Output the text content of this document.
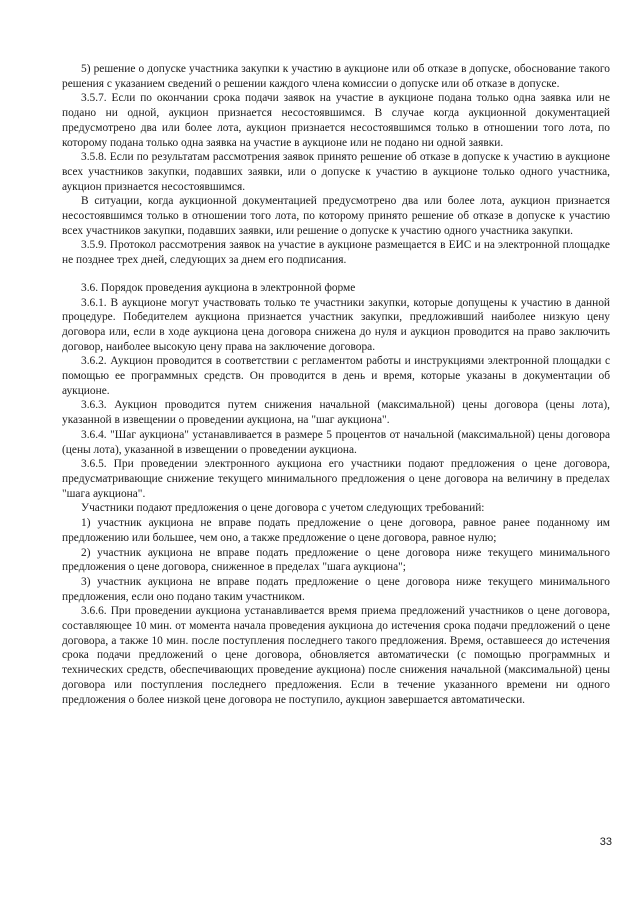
5) решение о допуске участника закупки к участию в аукционе или об отказе в допуске, обоснование такого решения с указанием сведений о решении каждого члена комиссии о допуске или об отказе в допуске.

3.5.7. Если по окончании срока подачи заявок на участие в аукционе подана только одна заявка или не подано ни одной, аукцион признается несостоявшимся. В случае когда аукционной документацией предусмотрено два или более лота, аукцион признается несостоявшимся только в отношении того лота, по которому подана только одна заявка на участие в аукционе или не подано ни одной заявки.

3.5.8. Если по результатам рассмотрения заявок принято решение об отказе в допуске к участию в аукционе всех участников закупки, подавших заявки, или о допуске к участию в аукционе только одного участника, аукцион признается несостоявшимся.

В ситуации, когда аукционной документацией предусмотрено два или более лота, аукцион признается несостоявшимся только в отношении того лота, по которому принято решение об отказе в допуске к участию всех участников закупки, подавших заявки, или решение о допуске к участию одного участника закупки.

3.5.9. Протокол рассмотрения заявок на участие в аукционе размещается в ЕИС и на электронной площадке не позднее трех дней, следующих за днем его подписания.

3.6. Порядок проведения аукциона в электронной форме

3.6.1. В аукционе могут участвовать только те участники закупки, которые допущены к участию в данной процедуре. Победителем аукциона признается участник закупки, предложивший наиболее низкую цену договора или, если в ходе аукциона цена договора снижена до нуля и аукцион проводится на право заключить договор, наиболее высокую цену права на заключение договора.

3.6.2. Аукцион проводится в соответствии с регламентом работы и инструкциями электронной площадки с помощью ее программных средств. Он проводится в день и время, которые указаны в документации об аукционе.

3.6.3. Аукцион проводится путем снижения начальной (максимальной) цены договора (цены лота), указанной в извещении о проведении аукциона, на "шаг аукциона".

3.6.4. "Шаг аукциона" устанавливается в размере 5 процентов от начальной (максимальной) цены договора (цены лота), указанной в извещении о проведении аукциона.

3.6.5. При проведении электронного аукциона его участники подают предложения о цене договора, предусматривающие снижение текущего минимального предложения о цене договора на величину в пределах "шага аукциона".

Участники подают предложения о цене договора с учетом следующих требований:

1) участник аукциона не вправе подать предложение о цене договора, равное ранее поданному им предложению или большее, чем оно, а также предложение о цене договора, равное нулю;

2) участник аукциона не вправе подать предложение о цене договора ниже текущего минимального предложения о цене договора, сниженное в пределах "шага аукциона";

3) участник аукциона не вправе подать предложение о цене договора ниже текущего минимального предложения, если оно подано таким участником.

3.6.6. При проведении аукциона устанавливается время приема предложений участников о цене договора, составляющее 10 мин. от момента начала проведения аукциона до истечения срока подачи предложений о цене договора, а также 10 мин. после поступления последнего такого предложения. Время, оставшееся до истечения срока подачи предложений о цене договора, обновляется автоматически (с помощью программных и технических средств, обеспечивающих проведение аукциона) после снижения начальной (максимальной) цены договора или поступления последнего предложения. Если в течение указанного времени ни одного предложения о более низкой цене договора не поступило, аукцион завершается автоматически.

33
